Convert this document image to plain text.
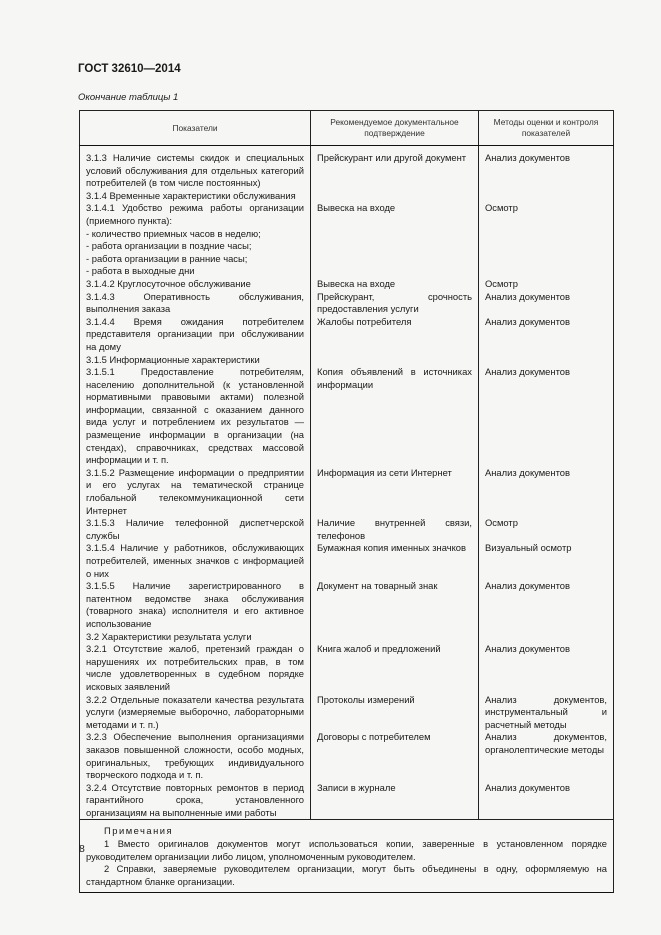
ГОСТ 32610—2014
Окончание таблицы 1
Показатели	Рекомендуемое документальное подтверждение	Методы оценки и контроля показателей
3.1.3 Наличие системы скидок и специальных условий обслуживания для отдельных категорий потребителей (в том числе постоянных)	Прейскурант или другой документ	Анализ документов
3.1.4 Временные характеристики обслуживания		
3.1.4.1 Удобство режима работы организации (приемного пункта):	Вывеска на входе	Осмотр
- количество приемных часов в неделю;		
- работа организации в поздние часы;		
- работа организации в ранние часы;		
- работа в выходные дни		
3.1.4.2 Круглосуточное обслуживание	Вывеска на входе	Осмотр
3.1.4.3 Оперативность обслуживания, выполнения заказа	Прейскурант, срочность предоставления услуги	Анализ документов
3.1.4.4 Время ожидания потребителем представителя организации при обслуживании на дому	Жалобы потребителя	Анализ документов
3.1.5 Информационные характеристики		
3.1.5.1 Предоставление потребителям, населению дополнительной (к установленной нормативными правовыми актами) полезной информации, связанной с оказанием данного вида услуг и потреблением их результатов — размещение информации в организации (на стендах), справочниках, средствах массовой информации и т. п.	Копия объявлений в источниках информации	Анализ документов
3.1.5.2 Размещение информации о предприятии и его услугах на тематической странице глобальной телекоммуникационной сети Интернет	Информация из сети Интернет	Анализ документов
3.1.5.3 Наличие телефонной диспетчерской службы	Наличие внутренней связи, телефонов	Осмотр
3.1.5.4 Наличие у работников, обслуживающих потребителей, именных значков с информацией о них	Бумажная копия именных значков	Визуальный осмотр
3.1.5.5 Наличие зарегистрированного в патентном ведомстве знака обслуживания (товарного знака) исполнителя и его активное использование	Документ на товарный знак	Анализ документов
3.2 Характеристики результата услуги		
3.2.1 Отсутствие жалоб, претензий граждан о нарушениях их потребительских прав, в том числе удовлетворенных в судебном порядке исковых заявлений	Книга жалоб и предложений	Анализ документов
3.2.2 Отдельные показатели качества результата услуги (измеряемые выборочно, лабораторными методами и т. п.)	Протоколы измерений	Анализ документов, инструментальный и расчетный методы
3.2.3 Обеспечение выполнения организациями заказов повышенной сложности, особо модных, оригинальных, требующих индивидуального творческого подхода и т. п.	Договоры с потребителем	Анализ документов, органолептические методы
3.2.4 Отсутствие повторных ремонтов в период гарантийного срока, установленного организациям на выполненные ими работы	Записи в журнале	Анализ документов

Примечания
1 Вместо оригиналов документов могут использоваться копии, заверенные в установленном порядке руководителем организации либо лицом, уполномоченным руководителем.
2 Справки, заверяемые руководителем организации, могут быть объединены в одну, оформляемую на стандартном бланке организации.		
8
